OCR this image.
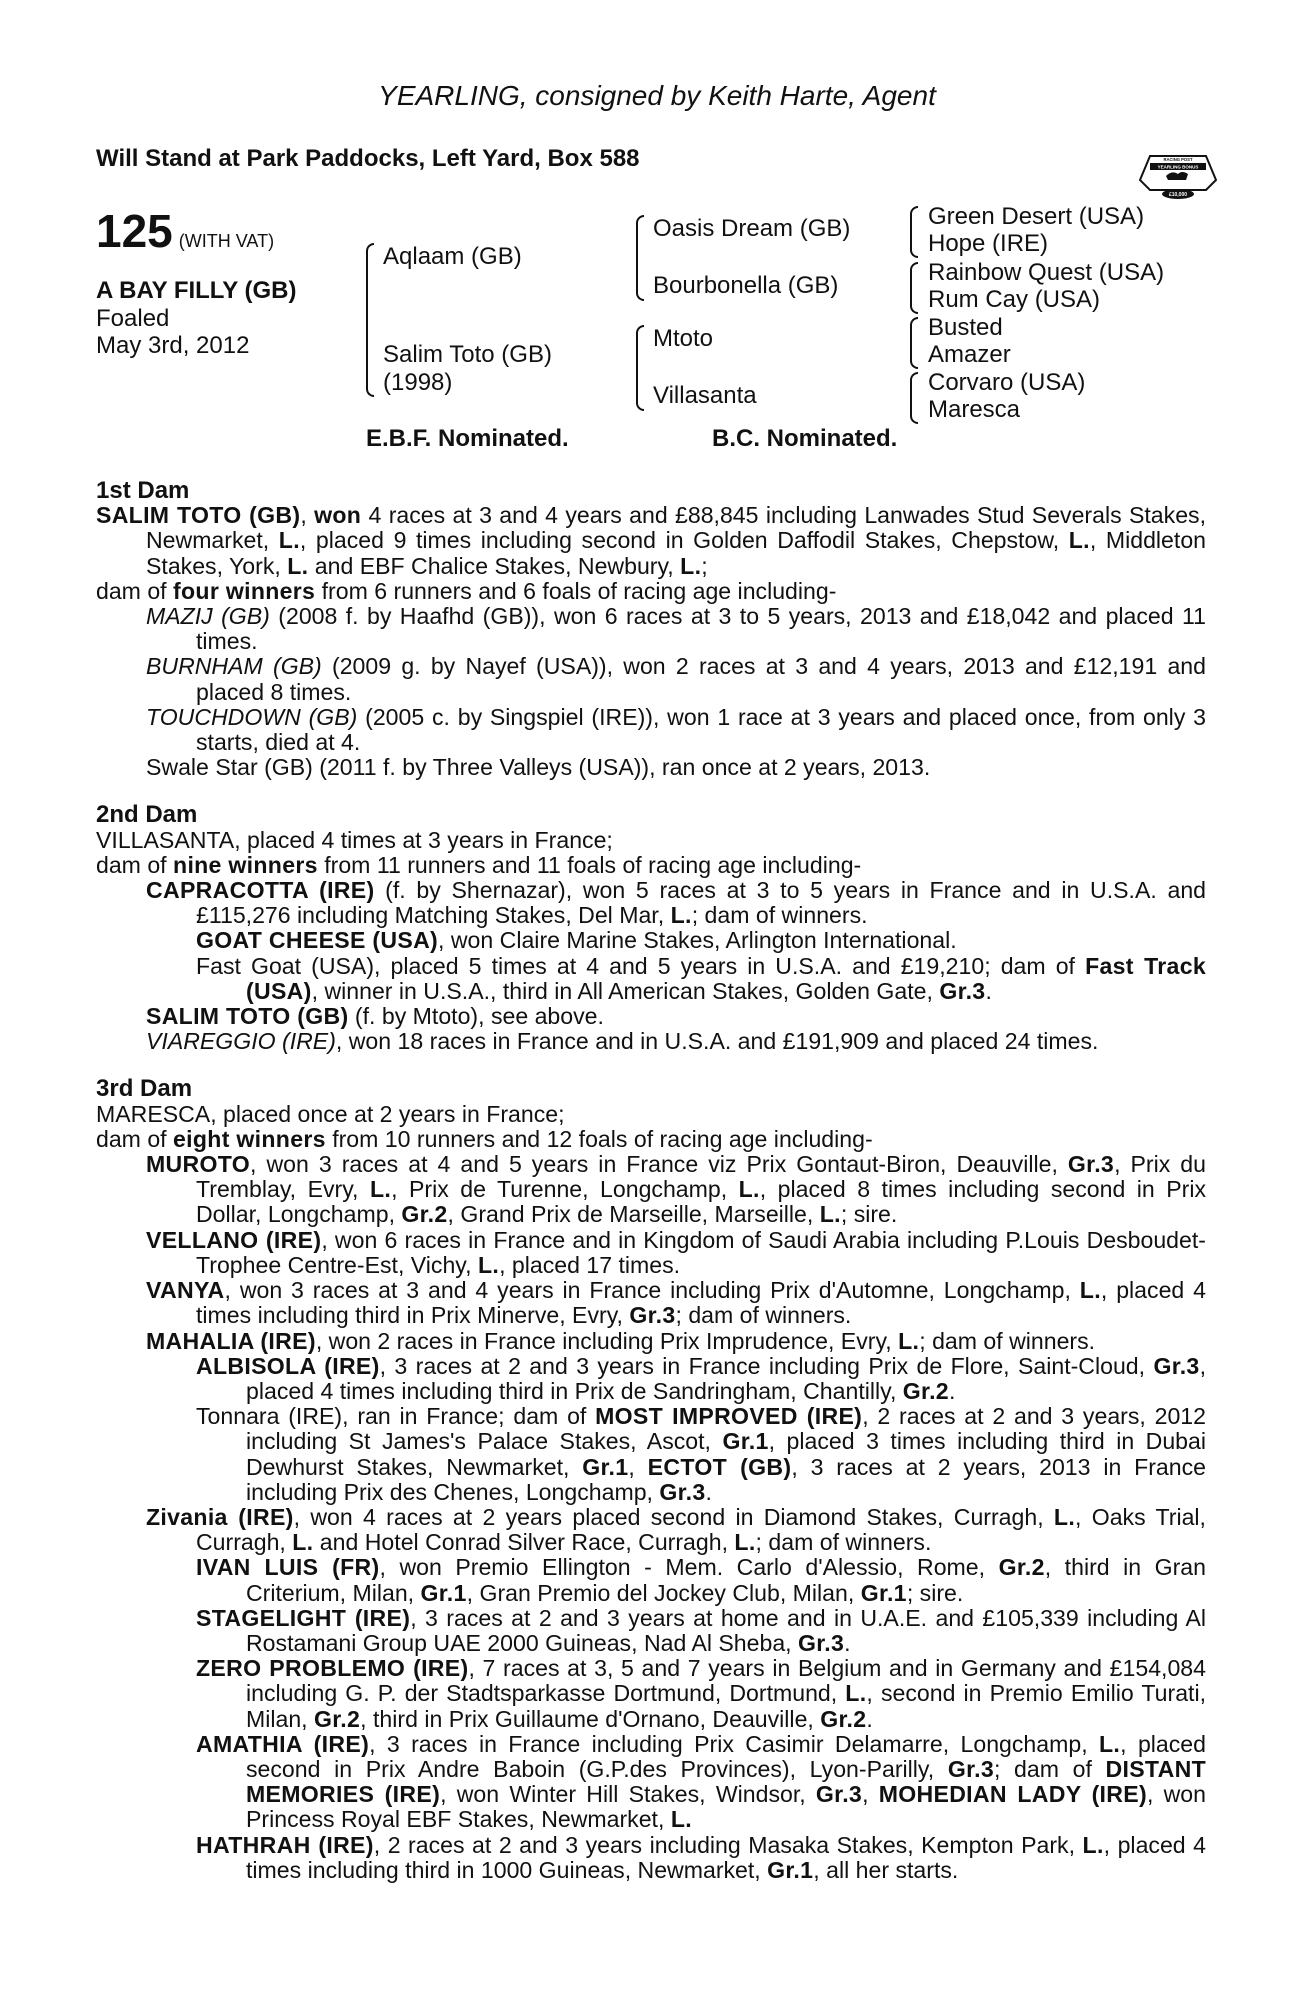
YEARLING, consigned by Keith Harte, Agent
Will Stand at Park Paddocks, Left Yard, Box 588	RACING POST
YEARLING BONUS
£10,000
125 (WITH VAT)
A BAY FILLY (GB)
Foaled
May 3rd, 2012
Aqlaam (GB)
Salim Toto (GB)
(1998)
Oasis Dream (GB)
Bourbonella (GB)
Mtoto
Villasanta
Green Desert (USA)
Hope (IRE)
Rainbow Quest (USA)
Rum Cay (USA)
Busted
Amazer
Corvaro (USA)
Maresca
E.B.F. Nominated.	B.C. Nominated.
1st Dam
SALIM TOTO (GB), won 4 races at 3 and 4 years and £88,845 including Lanwades Stud Severals Stakes, Newmarket, L., placed 9 times including second in Golden Daffodil Stakes, Chepstow, L., Middleton Stakes, York, L. and EBF Chalice Stakes, Newbury, L.;
dam of four winners from 6 runners and 6 foals of racing age including-
MAZIJ (GB) (2008 f. by Haafhd (GB)), won 6 races at 3 to 5 years, 2013 and £18,042 and placed 11 times.
BURNHAM (GB) (2009 g. by Nayef (USA)), won 2 races at 3 and 4 years, 2013 and £12,191 and placed 8 times.
TOUCHDOWN (GB) (2005 c. by Singspiel (IRE)), won 1 race at 3 years and placed once, from only 3 starts, died at 4.
Swale Star (GB) (2011 f. by Three Valleys (USA)), ran once at 2 years, 2013.
2nd Dam
VILLASANTA, placed 4 times at 3 years in France;
dam of nine winners from 11 runners and 11 foals of racing age including-
CAPRACOTTA (IRE) (f. by Shernazar), won 5 races at 3 to 5 years in France and in U.S.A. and £115,276 including Matching Stakes, Del Mar, L.; dam of winners.
GOAT CHEESE (USA), won Claire Marine Stakes, Arlington International.
Fast Goat (USA), placed 5 times at 4 and 5 years in U.S.A. and £19,210; dam of Fast Track (USA), winner in U.S.A., third in All American Stakes, Golden Gate, Gr.3.
SALIM TOTO (GB) (f. by Mtoto), see above.
VIAREGGIO (IRE), won 18 races in France and in U.S.A. and £191,909 and placed 24 times.
3rd Dam
MARESCA, placed once at 2 years in France;
dam of eight winners from 10 runners and 12 foals of racing age including-
MUROTO, won 3 races at 4 and 5 years in France viz Prix Gontaut-Biron, Deauville, Gr.3, Prix du Tremblay, Evry, L., Prix de Turenne, Longchamp, L., placed 8 times including second in Prix Dollar, Longchamp, Gr.2, Grand Prix de Marseille, Marseille, L.; sire.
VELLANO (IRE), won 6 races in France and in Kingdom of Saudi Arabia including P.Louis Desboudet- Trophee Centre-Est, Vichy, L., placed 17 times.
VANYA, won 3 races at 3 and 4 years in France including Prix d'Automne, Longchamp, L., placed 4 times including third in Prix Minerve, Evry, Gr.3; dam of winners.
MAHALIA (IRE), won 2 races in France including Prix Imprudence, Evry, L.; dam of winners.
ALBISOLA (IRE), 3 races at 2 and 3 years in France including Prix de Flore, Saint-Cloud, Gr.3, placed 4 times including third in Prix de Sandringham, Chantilly, Gr.2.
Tonnara (IRE), ran in France; dam of MOST IMPROVED (IRE), 2 races at 2 and 3 years, 2012 including St James's Palace Stakes, Ascot, Gr.1, placed 3 times including third in Dubai Dewhurst Stakes, Newmarket, Gr.1, ECTOT (GB), 3 races at 2 years, 2013 in France including Prix des Chenes, Longchamp, Gr.3.
Zivania (IRE), won 4 races at 2 years placed second in Diamond Stakes, Curragh, L., Oaks Trial, Curragh, L. and Hotel Conrad Silver Race, Curragh, L.; dam of winners.
IVAN LUIS (FR), won Premio Ellington - Mem. Carlo d'Alessio, Rome, Gr.2, third in Gran Criterium, Milan, Gr.1, Gran Premio del Jockey Club, Milan, Gr.1; sire.
STAGELIGHT (IRE), 3 races at 2 and 3 years at home and in U.A.E. and £105,339 including Al Rostamani Group UAE 2000 Guineas, Nad Al Sheba, Gr.3.
ZERO PROBLEMO (IRE), 7 races at 3, 5 and 7 years in Belgium and in Germany and £154,084 including G. P. der Stadtsparkasse Dortmund, Dortmund, L., second in Premio Emilio Turati, Milan, Gr.2, third in Prix Guillaume d'Ornano, Deauville, Gr.2.
AMATHIA (IRE), 3 races in France including Prix Casimir Delamarre, Longchamp, L., placed second in Prix Andre Baboin (G.P.des Provinces), Lyon-Parilly, Gr.3; dam of DISTANT MEMORIES (IRE), won Winter Hill Stakes, Windsor, Gr.3, MOHEDIAN LADY (IRE), won Princess Royal EBF Stakes, Newmarket, L.
HATHRAH (IRE), 2 races at 2 and 3 years including Masaka Stakes, Kempton Park, L., placed 4 times including third in 1000 Guineas, Newmarket, Gr.1, all her starts.
